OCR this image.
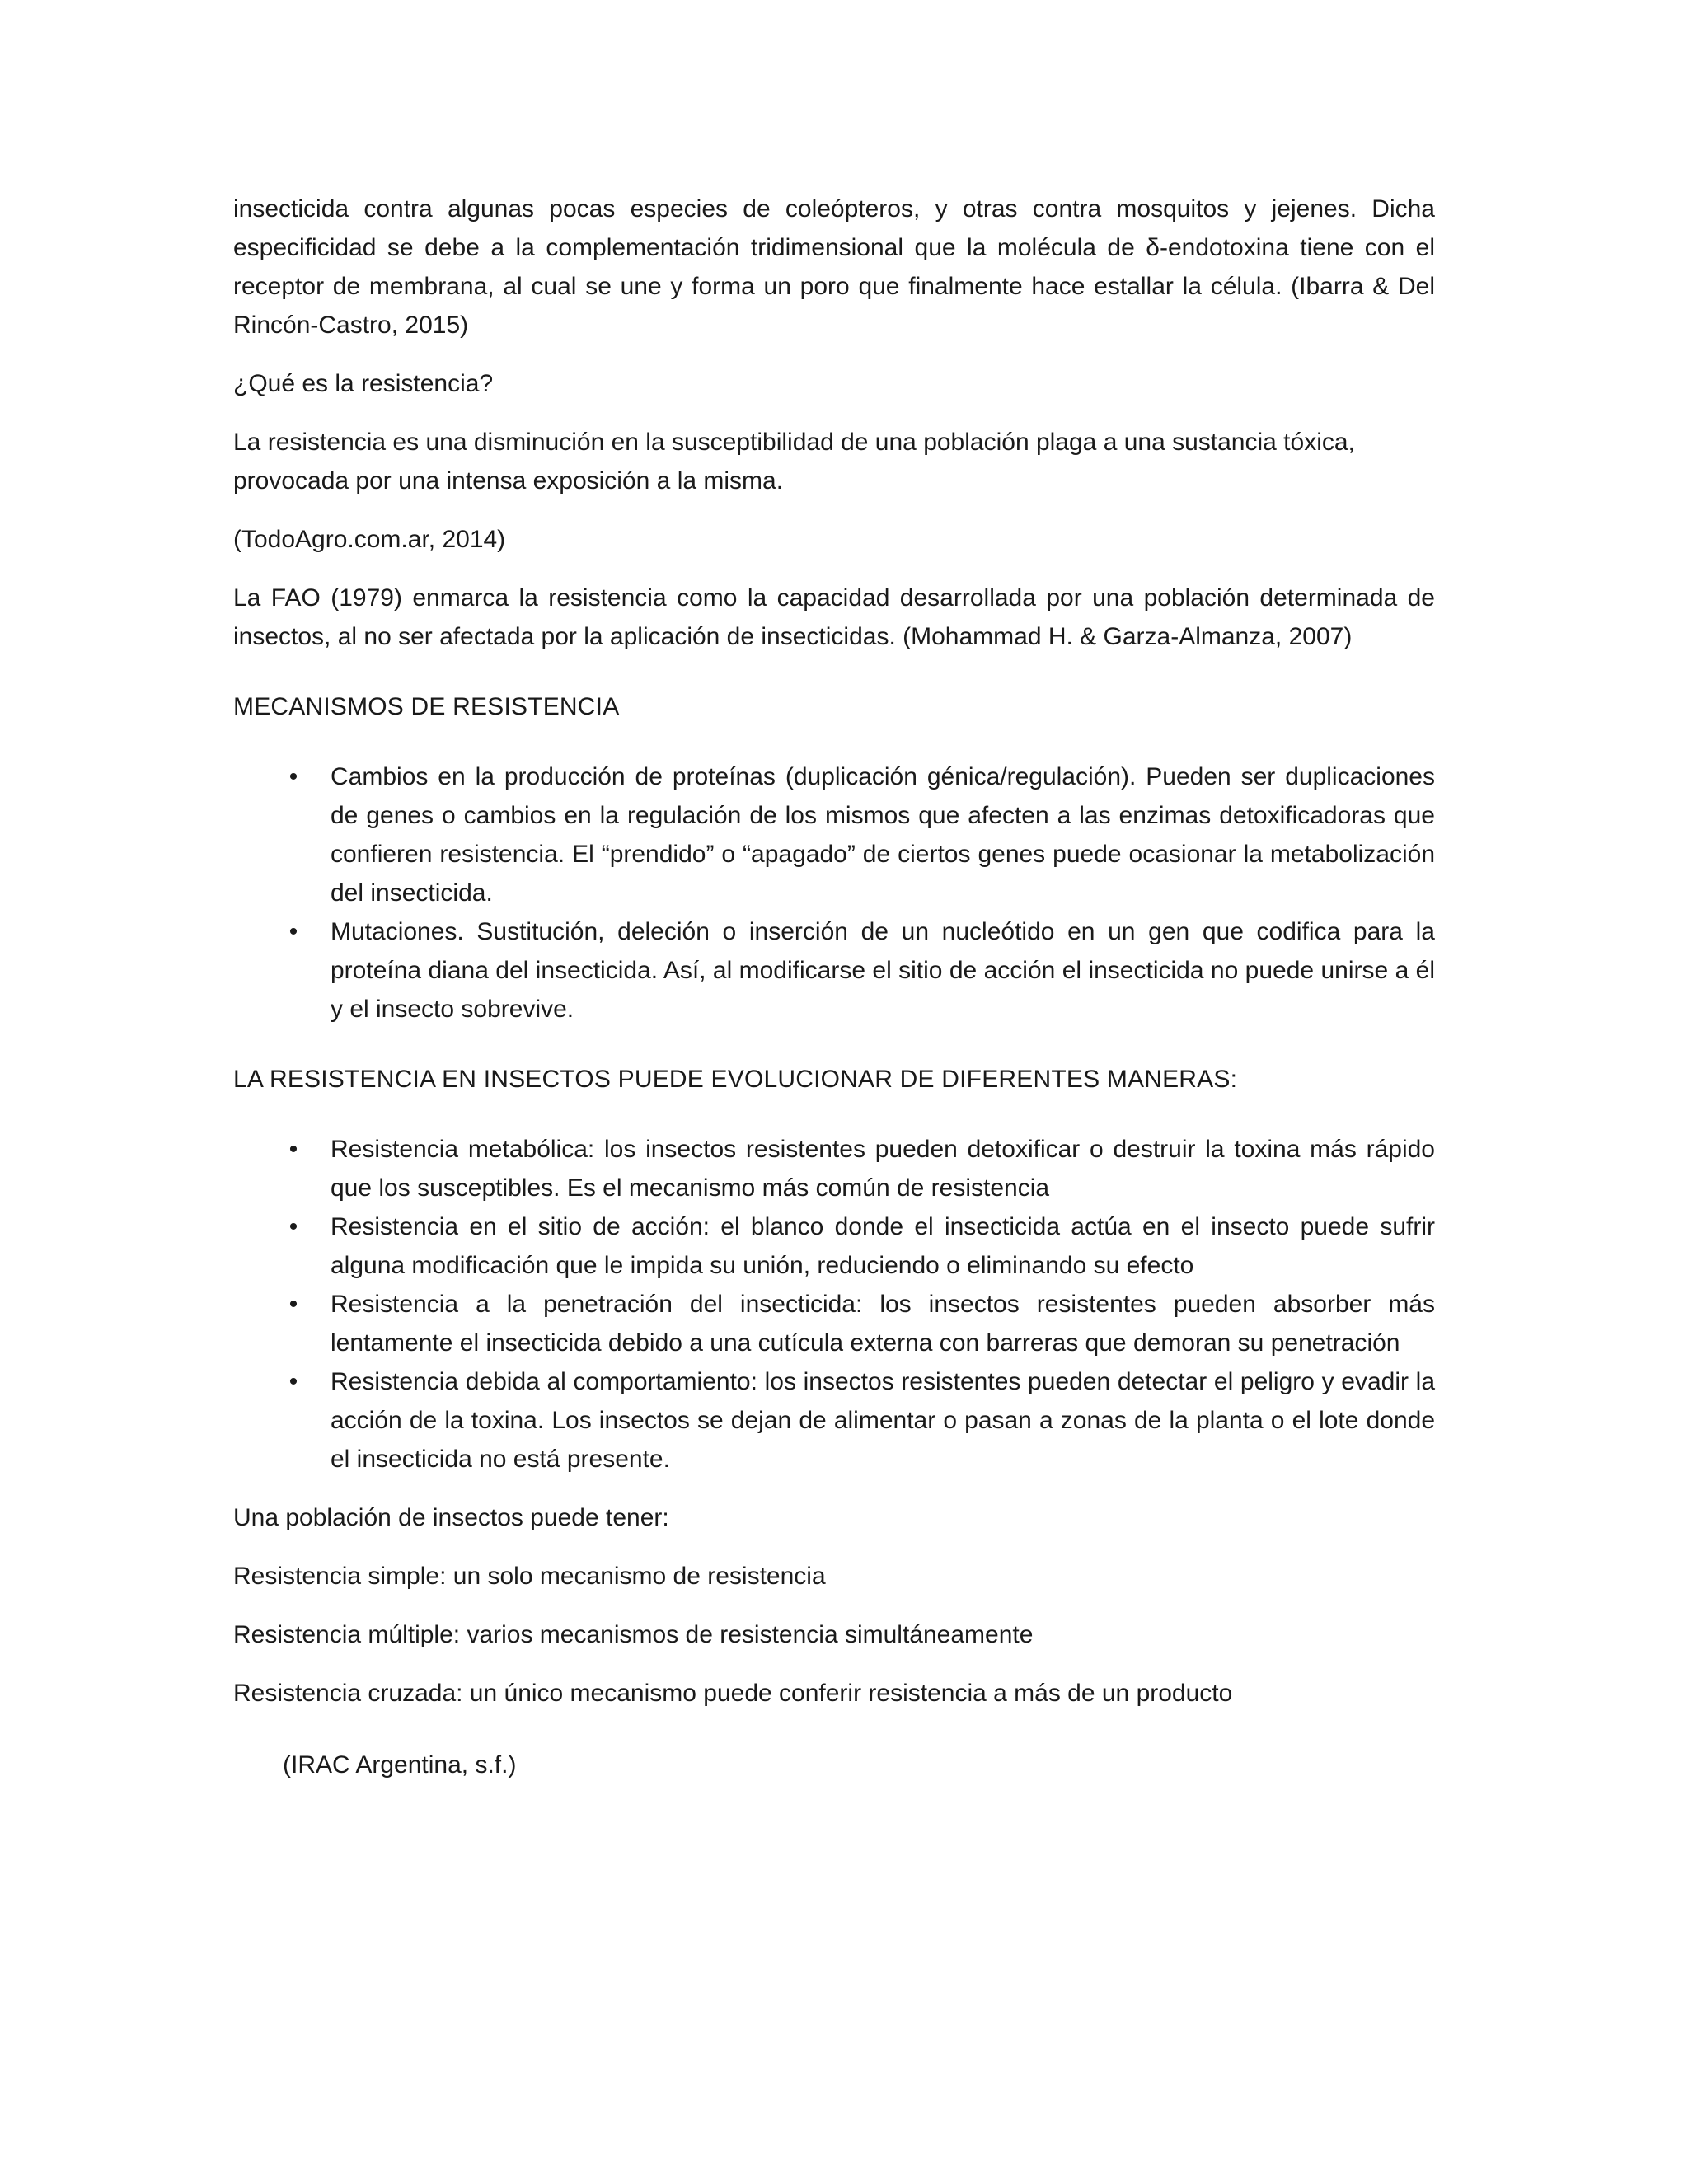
insecticida contra algunas pocas especies de coleópteros, y otras contra mosquitos y jejenes. Dicha especificidad se debe a la complementación tridimensional que la molécula de δ-endotoxina tiene con el receptor de membrana, al cual se une y forma un poro que finalmente hace estallar la célula. (Ibarra & Del Rincón-Castro, 2015)

¿Qué es la resistencia?

La resistencia es una disminución en la susceptibilidad de una población plaga a una sustancia tóxica, provocada por una intensa exposición a la misma.

(TodoAgro.com.ar, 2014)

La FAO (1979) enmarca la resistencia como la capacidad desarrollada por una población determinada de insectos, al no ser afectada por la aplicación de insecticidas. (Mohammad H. & Garza-Almanza, 2007)

MECANISMOS DE RESISTENCIA

•	Cambios en la producción de proteínas (duplicación génica/regulación). Pueden ser duplicaciones de genes o cambios en la regulación de los mismos que afecten a las enzimas detoxificadoras que confieren resistencia. El “prendido” o “apagado” de ciertos genes puede ocasionar la metabolización del insecticida.
•	Mutaciones. Sustitución, deleción o inserción de un nucleótido en un gen que codifica para la proteína diana del insecticida. Así, al modificarse el sitio de acción el insecticida no puede unirse a él y el insecto sobrevive.

LA RESISTENCIA EN INSECTOS PUEDE EVOLUCIONAR DE DIFERENTES MANERAS:

•	Resistencia metabólica: los insectos resistentes pueden detoxificar o destruir la toxina más rápido que los susceptibles. Es el mecanismo más común de resistencia
•	Resistencia en el sitio de acción: el blanco donde el insecticida actúa en el insecto puede sufrir alguna modificación que le impida su unión, reduciendo o eliminando su efecto
•	Resistencia a la penetración del insecticida: los insectos resistentes pueden absorber más lentamente el insecticida debido a una cutícula externa con barreras que demoran su penetración
•	Resistencia debida al comportamiento: los insectos resistentes pueden detectar el peligro y evadir la acción de la toxina. Los insectos se dejan de alimentar o pasan a zonas de la planta o el lote donde el insecticida no está presente.

Una población de insectos puede tener:

Resistencia simple: un solo mecanismo de resistencia

Resistencia múltiple: varios mecanismos de resistencia simultáneamente

Resistencia cruzada: un único mecanismo puede conferir resistencia a más de un producto

(IRAC Argentina, s.f.)
